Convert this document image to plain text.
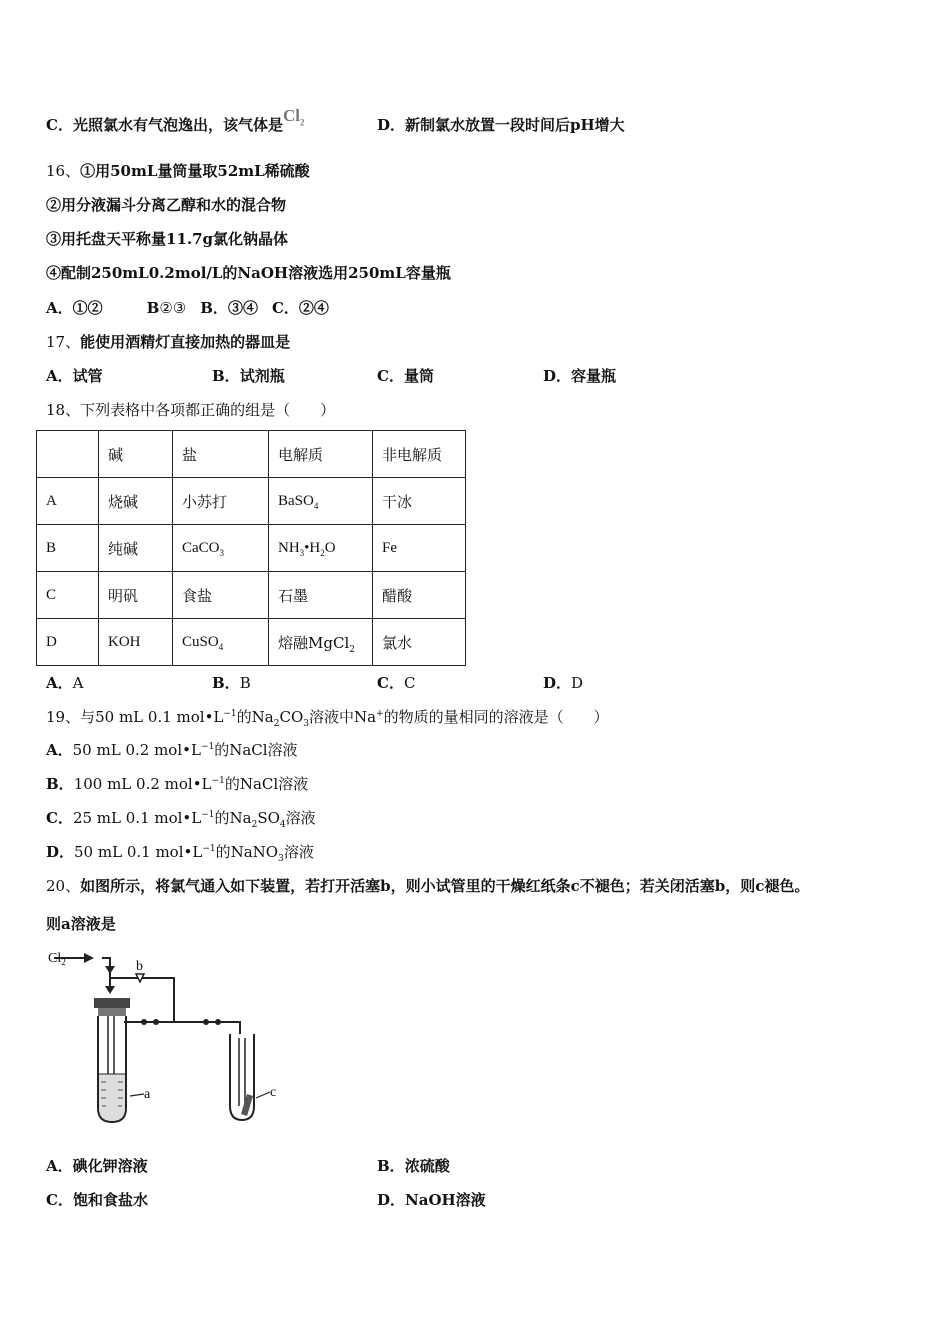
C．光照氯水有气泡逸出，该气体是$Cl_2$	D．新制氯水放置一段时间后pH增大
16、①用50mL量筒量取52mL稀硫酸
②用分液漏斗分离乙醇和水的混合物
③用托盘天平称量11.7g氯化钠晶体
④配制250mL0.2mol/L的NaOH溶液选用250mL容量瓶
A．①②	B②③ B．③④ C．②④
17、能使用酒精灯直接加热的器皿是
A．试管	B．试剂瓶	C．量筒	D．容量瓶
18、下列表格中各项都正确的组是（　　）
	碱	盐	电解质	非电解质
A	烧碱	小苏打	BaSO$_4$	干冰
B	纯碱	CaCO$_3$	$NH_3•H_2O$	Fe
C	明矾	食盐	石墨	醋酸
D	KOH	CuSO$_4$	熔融MgCl$_2$	氯水
A．A	B．B	C．C	D．D
19、与50 mL 0.1 $mol•L^{-1}$的$Na_2CO_3$溶液中Na+的物质的量相同的溶液是（　　）
A．50 mL 0.2 $mol•L^{-1}$的NaCl溶液
B．100 mL 0.2 $mol•L^{-1}$的NaCl溶液
C．25 mL 0.1 $mol•L^{-1}$的$Na_2SO_4$溶液
D．50 mL 0.1 $mol•L^{-1}$的NaNO$_3$溶液
20、如图所示，将氯气通入如下装置，若打开活塞b，则小试管里的干燥红纸条c不褪色；若关闭活塞b，则c褪色。
则a溶液是
$Cl_2$	b
a	c
A．碘化钾溶液	B．浓硫酸
C．饱和食盐水	D．NaOH溶液
